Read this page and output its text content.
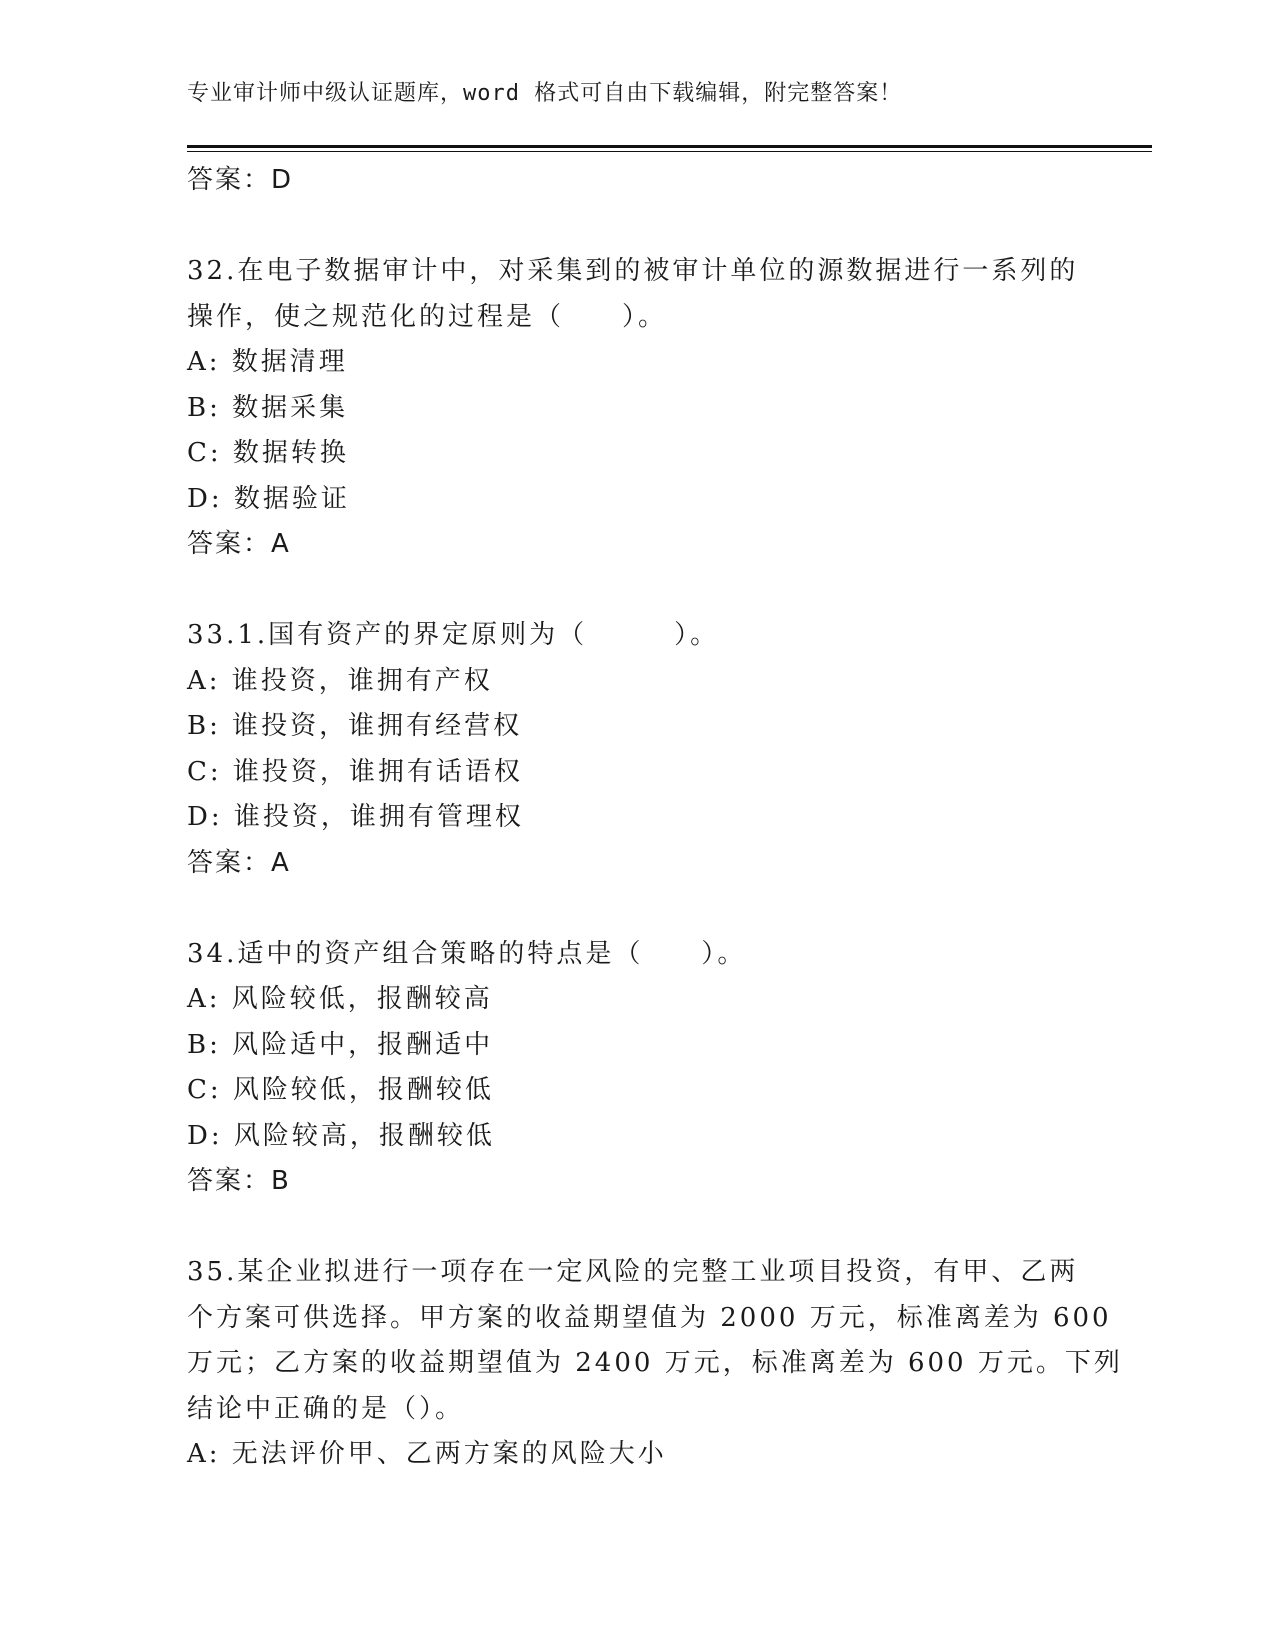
专业审计师中级认证题库，word 格式可自由下载编辑，附完整答案！
答案：D
32.在电子数据审计中，对采集到的被审计单位的源数据进行一系列的
操作，使之规范化的过程是（　　）。
A: 数据清理
B: 数据采集
C: 数据转换
D: 数据验证
答案：A
33.1.国有资产的界定原则为（　　　）。
A: 谁投资，谁拥有产权
B: 谁投资，谁拥有经营权
C: 谁投资，谁拥有话语权
D: 谁投资，谁拥有管理权
答案：A
34.适中的资产组合策略的特点是（　　）。
A: 风险较低，报酬较高
B: 风险适中，报酬适中
C: 风险较低，报酬较低
D: 风险较高，报酬较低
答案：B
35.某企业拟进行一项存在一定风险的完整工业项目投资，有甲、乙两
个方案可供选择。甲方案的收益期望值为 2000 万元，标准离差为 600
万元；乙方案的收益期望值为 2400 万元，标准离差为 600 万元。下列
结论中正确的是（）。
A: 无法评价甲、乙两方案的风险大小
